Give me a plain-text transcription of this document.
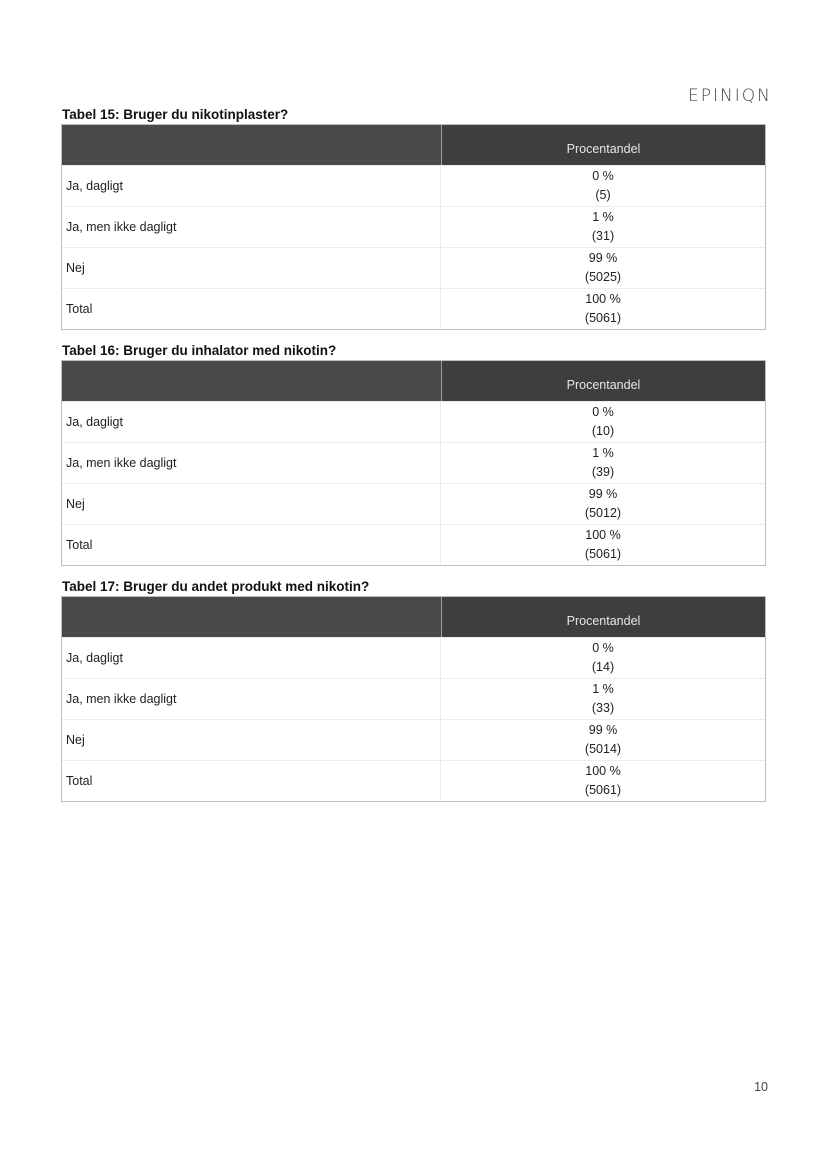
EPINIQN
Tabel 15: Bruger du nikotinplaster?
Procentandel
Ja, dagligt
0 %
(5)
Ja, men ikke dagligt
1 %
(31)
Nej
99 %
(5025)
Total
100 %
(5061)
Tabel 16: Bruger du inhalator med nikotin?
Procentandel
Ja, dagligt
0 %
(10)
Ja, men ikke dagligt
1 %
(39)
Nej
99 %
(5012)
Total
100 %
(5061)
Tabel 17: Bruger du andet produkt med nikotin?
Procentandel
Ja, dagligt
0 %
(14)
Ja, men ikke dagligt
1 %
(33)
Nej
99 %
(5014)
Total
100 %
(5061)
10
